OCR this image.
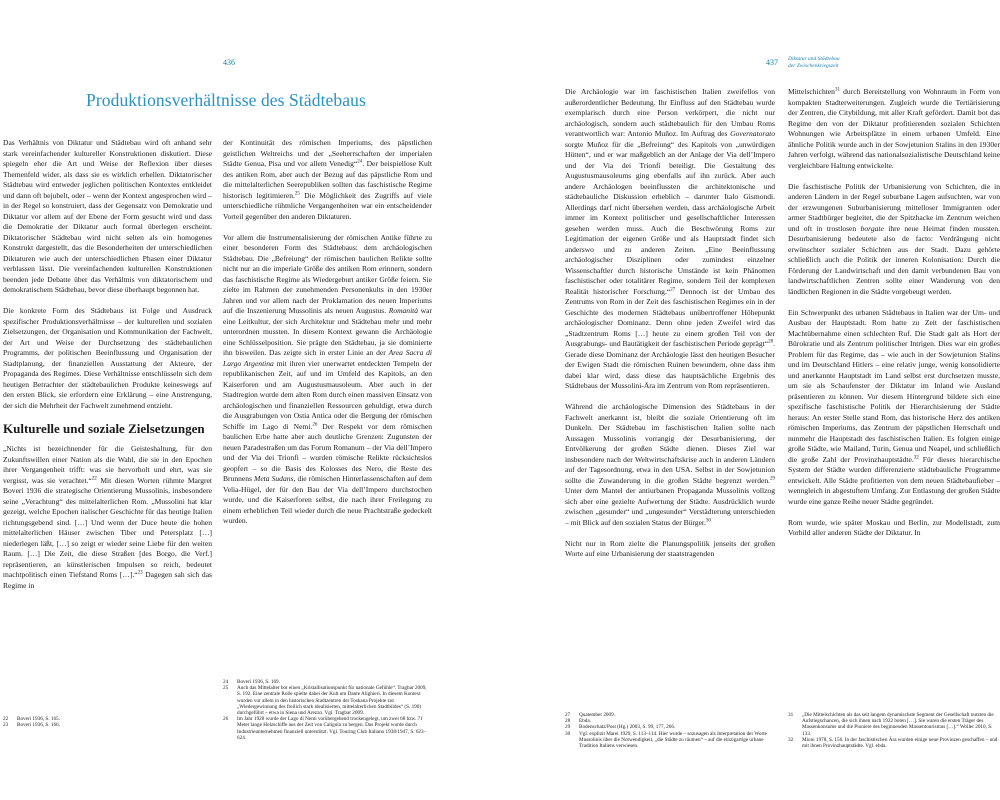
436
Produktionsverhältnisse des Städtebaus

Das Verhältnis von Diktatur und Städtebau wird oft anhand sehr stark vereinfachender kultureller Konstruktionen diskutiert. Diese spiegeln eher die Art und Weise der Reflexion über dieses Themenfeld wider, als dass sie es wirklich erhellen. Diktatorischer Städtebau wird entweder jeglichen politischen Kontextes entkleidet und dann oft bejubelt, oder – wenn der Kontext angesprochen wird – in der Regel so konstruiert, dass der Gegensatz von Demokratie und Diktatur vor allem auf der Ebene der Form gesucht wird und dass die Demokratie der Diktatur auch formal überlegen erscheint. Diktatorischer Städtebau wird nicht selten als ein homogenes Konstrukt dargestellt, das die Besonderheiten der unterschiedlichen Diktaturen wie auch der unterschiedlichen Phasen einer Diktatur verblassen lässt. Die vereinfachenden kulturellen Konstruktionen beenden jede Debatte über das Verhältnis von diktatorischem und demokratischem Städtebau, bevor diese überhaupt begonnen hat.

Die konkrete Form des Städtebaus ist Folge und Ausdruck spezifischer Produktionsverhältnisse – der kulturellen und sozialen Zielsetzungen, der Organisation und Kommunikation der Fachwelt, der Art und Weise der Durchsetzung des städtebaulichen Programms, der politischen Beeinflussung und Organisation der Stadtplanung, der finanziellen Ausstattung der Akteure, der Propaganda des Regimes. Diese Verhältnisse entschlüsseln sich dem heutigen Betrachter der städtebaulichen Produkte keineswegs auf den ersten Blick, sie erfordern eine Erklärung – eine Anstrengung, der sich die Mehrheit der Fachwelt zunehmend entzieht.

Kulturelle und soziale Zielsetzungen

„Nichts ist bezeichnender für die Geisteshaltung, für den Zukunftswillen einer Nation als die Wahl, die sie in den Epochen ihrer Vergangenheit trifft: was sie hervorholt und ehrt, was sie vergisst, was sie verachtet.“$^{22}$ Mit diesen Worten rühmte Margret Boveri 1936 die strategische Orientierung Mussolinis, insbesondere seine „Verachtung“ des mittelalterlichen Rom. „Mussolini hat klar gezeigt, welche Epochen italischer Geschichte für das heutige Italien richtungsgebend sind. […] Und wenn der Duce heute die hohen mittelalterlichen Häuser zwischen Tiber und Petersplatz […] niederlegen läßt, […] so zeigt er wieder seine Liebe für den weiten Raum. […] Die Zeit, die diese Straßen [des Borgo, die Verf.] repräsentieren, an künstlerischen Impulsen so reich, bedeutet machtpolitisch einen Tiefstand Roms […].“$^{23}$ Dagegen sah sich das Regime in

der Kontinuität des römischen Imperiums, des päpstlichen geistlichen Weltreichs und der „Seeherrschaften der imperialen Städte Genua, Pisa und vor allem Venedig“$^{24}$. Der beispiellose Kult des antiken Rom, aber auch der Bezug auf das päpstliche Rom und die mittelalterlichen Seerepubliken sollten das faschistische Regime historisch legitimieren.$^{25}$ Die Möglichkeit des Zugriffs auf viele unterschiedliche rühmliche Vergangenheiten war ein entscheidender Vorteil gegenüber den anderen Diktaturen.

Vor allem die Instrumentalisierung der römischen Antike führte zu einer besonderen Form des Städtebaus: dem archäologischen Städtebau. Die „Befreiung“ der römischen baulichen Relikte sollte nicht nur an die imperiale Größe des antiken Rom erinnern, sondern das faschistische Regime als Wiedergeburt antiker Größe feiern. Sie zielte im Rahmen der zunehmenden Personenkults in den 1930er Jahren und vor allem nach der Proklamation des neuen Imperiums auf die Inszenierung Mussolinis als neuen Augustus. Romanità war eine Leitkultur, der sich Architektur und Städtebau mehr und mehr unterordnen mussten. In diesem Kontext gewann die Archäologie eine Schlüsselposition. Sie prägte den Städtebau, ja sie dominierte ihn bisweilen. Das zeigte sich in erster Linie an der Area Sacra di Largo Argentina mit ihren vier unerwartet entdeckten Tempeln der republikanischen Zeit, auf und im Umfeld des Kapitols, an den Kaiserforen und am Augustusmausoleum. Aber auch in der Stadtregion wurde dem alten Rom durch einen massiven Einsatz von archäologischen und finanziellen Ressourcen gehuldigt, etwa durch die Ausgrabungen von Ostia Antica oder die Bergung der römischen Schiffe im Lago di Nemi.$^{26}$ Der Respekt vor dem römischen baulichen Erbe hatte aber auch deutliche Grenzen: Zugunsten der neuen Paradestraßen um das Forum Romanum – der Via dell’Impero und der Via dei Trionfi – wurden römische Relikte rücksichtslos geopfert – so die Basis des Kolosses des Nero, die Reste des Brunnens Meta Sudans, die römischen Hinterlassenschaften auf dem Velia-Hügel, der für den Bau der Via dell’Impero durchstochen wurde, und die Kaiserforen selbst, die nach ihrer Freilegung zu einem erheblichen Teil wieder durch die neue Prachtstraße gedeckelt wurden.

22	Boveri 1936, S. 165.
23	Boveri 1936, S. 166.
24	Boveri 1936, S. 169.
25	Auch das Mittelalter bot einen „Kristallisationspunkt für nationale Gefühle“. Tragbar 2009, S. 192. Eine zentrale Rolle spielte dabei der Kult um Dante Alighieri. In diesem Kontext wurden vor allem in den historischen Stadtzentren der Toskana Projekte zur „Wiedergewinnung des freilich stark idealisierten, mittelalterlichen Stadtbildes“ (S. 190) durchgeführt – etwa in Siena und Arezzo. Vgl. Tragbar 2009.
26	Im Jahr 1928 wurde der Lago di Nemi vorübergehend trockengelegt, um zwei 68 bzw. 71 Meter lange Holzschiffe aus der Zeit von Caligula zu bergen. Das Projekt wurde durch Industrieunternehmen finanziell unterstützt. Vgl. Touring Club Italiano 1938/1947, S. 623–624.
437 Diktatur und Städtebau
der Zwischenkriegszeit

Die Archäologie war im faschistischen Italien zweifellos von außerordentlicher Bedeutung. Ihr Einfluss auf den Städtebau wurde exemplarisch durch eine Person verkörpert, die nicht nur archäologisch, sondern auch städtebaulich für den Umbau Roms verantwortlich war: Antonio Muñoz. Im Auftrag des Governatorato sorgte Muñoz für die „Befreiung“ des Kapitols von „unwürdigen Hütten“, und er war maßgeblich an der Anlage der Via dell’Impero und der Via dei Trionfi beteiligt. Die Gestaltung des Augustusmausoleums ging ebenfalls auf ihn zurück. Aber auch andere Archäologen beeinflussten die architektonische und städtebauliche Diskussion erheblich – darunter Italo Gismondi. Allerdings darf nicht übersehen werden, dass archäologische Arbeit immer im Kontext politischer und gesellschaftlicher Interessen gesehen werden muss. Auch die Beschwörung Roms zur Legitimation der eigenen Größe und als Hauptstadt findet sich anderswo und zu anderen Zeiten. „Eine Beeinflussung archäologischer Disziplinen oder zumindest einzelner Wissenschaftler durch historische Umstände ist kein Phänomen faschistischer oder totalitärer Regime, sondern Teil der komplexen Realität historischer Forschung.“$^{27}$ Dennoch ist der Umbau des Zentrums von Rom in der Zeit des faschistischen Regimes ein in der Geschichte des modernen Städtebaus unübertroffener Höhepunkt archäologischer Dominanz. Denn ohne jeden Zweifel wird das „Stadtzentrum Roms […] heute zu einem großen Teil von der Ausgrabungs- und Bautätigkeit der faschistischen Periode geprägt“$^{28}$. Gerade diese Dominanz der Archäologie lässt den heutigen Besucher der Ewigen Stadt die römischen Ruinen bewundern, ohne dass ihm dabei klar wird, dass diese das hauptsächliche Ergebnis des Städtebaus der Mussolini-Ära im Zentrum von Rom repräsentieren.

Während die archäologische Dimension des Städtebaus in der Fachwelt anerkannt ist, bleibt die soziale Orientierung oft im Dunkeln. Der Städtebau im faschistischen Italien sollte nach Aussagen Mussolinis vorrangig der Desurbanisierung, der Entvölkerung der großen Städte dienen. Dieses Ziel war insbesondere nach der Weltwirtschaftskrise auch in anderen Ländern auf der Tagesordnung, etwa in den USA. Selbst in der Sowjetunion sollte die Zuwanderung in die großen Städte begrenzt werden.$^{29}$ Unter dem Mantel der antiurbanen Propaganda Mussolinis vollzog sich aber eine gezielte Aufwertung der Städte. Ausdrücklich wurde zwischen „gesunder“ und „ungesunder“ Verstädterung unterschieden – mit Blick auf den sozialen Status der Bürger.$^{30}$

Nicht nur in Rom zielte die Planungspolitik jenseits der großen Worte auf eine Urbanisierung der staatstragenden

Mittelschichten$^{31}$ durch Bereitstellung von Wohnraum in Form von kompakten Stadterweiterungen. Zugleich wurde die Tertiärisierung der Zentren, die Citybildung, mit aller Kraft gefördert. Damit bot das Regime den von der Diktatur profitierenden sozialen Schichten Wohnungen wie Arbeitsplätze in einem urbanen Umfeld. Eine ähnliche Politik wurde auch in der Sowjetunion Stalins in den 1930er Jahren verfolgt, während das nationalsozialistische Deutschland keine vergleichbare Haltung entwickelte.

Die faschistische Politik der Urbanisierung von Schichten, die in anderen Ländern in der Regel suburbane Lagen aufsuchten, war von der erzwungenen Suburbanisierung mittelloser Immigranten oder armer Stadtbürger begleitet, die der Spitzhacke im Zentrum weichen und oft in trostlosen borgate ihre neue Heimat finden mussten. Desurbanisierung bedeutete also de facto: Verdrängung nicht erwünschter sozialer Schichten aus der Stadt. Dazu gehörte schließlich auch die Politik der inneren Kolonisation: Durch die Förderung der Landwirtschaft und den damit verbundenen Bau von landwirtschaftlichen Zentren sollte einer Wanderung von den ländlichen Regionen in die Städte vorgebeugt werden.

Ein Schwerpunkt des urbanen Städtebaus in Italien war der Um- und Ausbau der Hauptstadt. Rom hatte zu Zeit der faschistischen Machtübernahme einen schlechten Ruf. Die Stadt galt als Hort der Bürokratie und als Zentrum politischer Intrigen. Dies war ein großes Problem für das Regime, das – wie auch in der Sowjetunion Stalins und im Deutschland Hitlers – eine relativ junge, wenig konsolidierte und anerkannte Hauptstadt im Land selbst erst durchsetzen musste, um sie als Schaufenster der Diktatur im Inland wie Ausland präsentieren zu können. Vor diesem Hintergrund bildete sich eine spezifische faschistische Politik der Hierarchisierung der Städte heraus: An erster Stelle stand Rom, das historische Herz des antiken römischen Imperiums, das Zentrum der päpstlichen Herrschaft und nunmehr die Hauptstadt des faschistischen Italien. Es folgten einige große Städte, wie Mailand, Turin, Genua und Neapel, und schließlich die große Zahl der Provinzhauptstädte.$^{32}$ Für dieses hierarchische System der Städte wurden differenzierte städtebauliche Programme entwickelt. Alle Städte profitierten von dem neuen Städtebaufieber – wenngleich in abgestuftem Umfang. Zur Entlastung der großen Städte wurde eine ganze Reihe neuer Städte gegründet.

Rom wurde, wie später Moskau und Berlin, zur Modellstadt, zum Vorbild aller anderen Städte der Diktatur. In

27	Quatember 2009.
28	Ebda.
29	Bodenschatz/Post (Hg.) 2003, S. 99, 177, 266.
30	Vgl. explizit Marei 1929, S. 113–114. Hier wurde – sozusagen als Interpretation der Worte Mussolinis über die Notwendigkeit, „die Städte zu räumen“ – auf die einzigartige urbane Tradition Italiens verwiesen.
31	„Die Mittelschichten als das seit langem dynamischste Segment der Gesellschaft nutzten die Aufstiegschancen, die sich ihnen nach 1922 boten […]. Sie waren die ersten Träger des Massenkonsums und die Pioniere des beginnenden Massentourismus […].“ Woller 2010, S. 133.
32	Mioni 1978, S. 156. In der faschistischen Ära wurden einige neue Provinzen geschaffen – und mit ihnen Provinzhauptstädte. Vgl. ebda.
